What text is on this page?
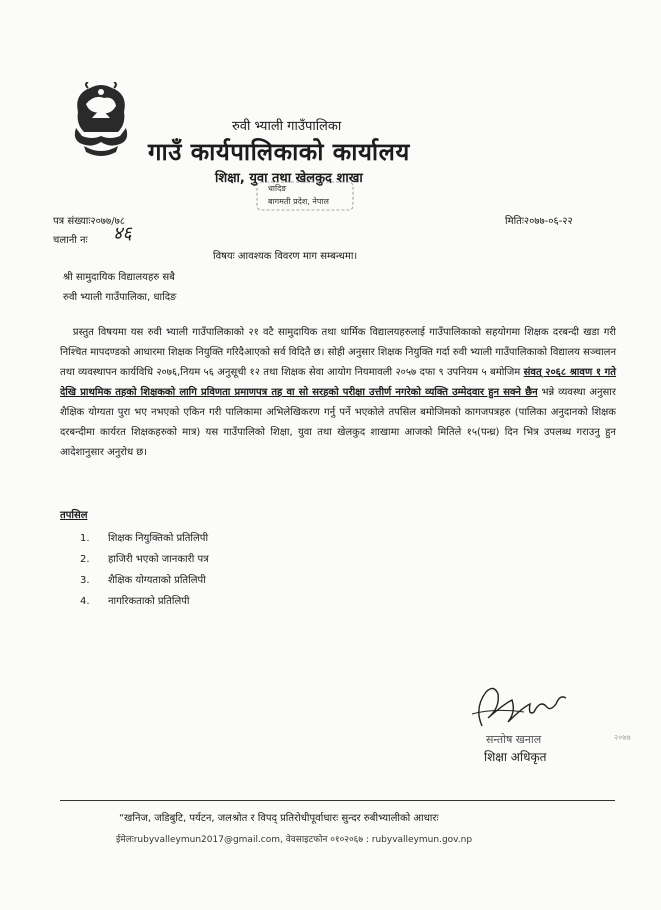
रुवी भ्याली गाउँपालिका
गाउँ कार्यपालिकाको कार्यालय
शिक्षा, युवा तथा खेलकुद शाखा
धादिङ
बागमती प्रदेश, नेपाल
पत्र संख्याः२०७७/७८
चलानी नः ४६
मितिः२०७७-०६-२२
विषयः आवश्यक विवरण माग सम्बन्धमा।
श्री सामुदायिक विद्यालयहरु सबै
रुवी भ्याली गाउँपालिका, धादिङ
प्रस्तुत विषयमा यस रुवी भ्याली गाउँपालिकाको २१ वटै सामुदायिक तथा धार्मिक विद्यालयहरुलाई गाउँपालिकाको सहयोगमा शिक्षक दरबन्दी खडा गरी निश्चित मापदण्डको आधारमा शिक्षक नियुक्ति गरिदैआएको सर्व विदितै छ। सोही अनुसार शिक्षक नियुक्ति गर्दा रुवी भ्याली गाउँपालिकाको विद्यालय सञ्चालन तथा व्यवस्थापन कार्यविधि २०७६,नियम ५६ अनुसूची १२ तथा शिक्षक सेवा आयोग नियमावली २०५७ दफा ९ उपनियम ५ बमोजिम संवत् २०६८ श्रावण १ गते देखि प्राथमिक तहको शिक्षकको लागि प्रविणता प्रमाणपत्र तह वा सो सरहको परीक्षा उत्तीर्ण नगरेको व्यक्ति उम्मेदवार हुन सक्ने छैन भन्ने व्यवस्था अनुसार शैक्षिक योग्यता पुरा भए नभएको एकिन गरी पालिकामा अभिलेखिकरण गर्नु पर्ने भएकोले तपसिल बमोजिमको कागजपत्रहरु (पालिका अनुदानको शिक्षक दरबन्दीमा कार्यरत शिक्षकहरुको मात्र) यस गाउँपालिको शिक्षा, युवा तथा खेलकुद शाखामा आजको मितिले १५(पन्ध्र) दिन भित्र उपलब्ध गराउनु हुन आदेशानुसार अनुरोध छ।
तपसिल
1. शिक्षक नियुक्तिको प्रतिलिपी
2. हाजिरी भएको जानकारी पत्र
3. शैक्षिक योग्यताको प्रतिलिपी
4. नागरिकताको प्रतिलिपी
सन्तोष खनाल
शिक्षा अधिकृत
२०७७
“खनिज, जडिबुटि, पर्यटन, जलश्रोत र विपद् प्रतिरोधीपूर्वाधारः सुन्दर रुबीभ्यालीको आधारः
ईमेलःrubyvalleymun2017@gmail.com, वेवसाइटफोन ०१०२०६७ : rubyvalleymun.gov.np
